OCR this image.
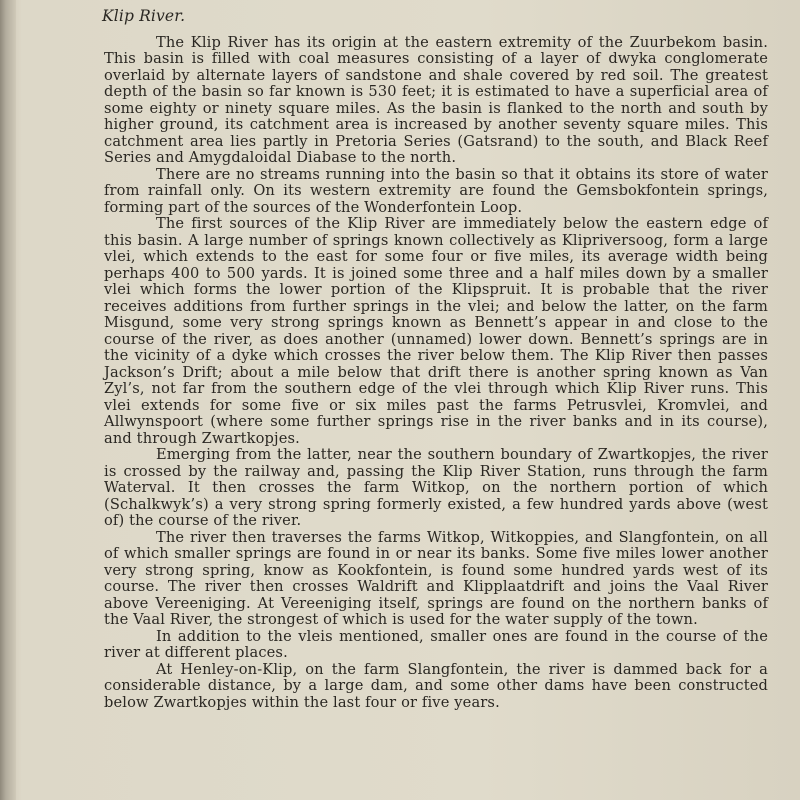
Klip River.

The Klip River has its origin at the eastern extremity of the Zuurbekom basin. This basin is filled with coal measures consisting of a layer of dwyka conglomerate overlaid by alternate layers of sandstone and shale covered by red soil. The greatest depth of the basin so far known is 530 feet; it is estimated to have a superficial area of some eighty or ninety square miles. As the basin is flanked to the north and south by higher ground, its catchment area is increased by another seventy square miles. This catchment area lies partly in Pretoria Series (Gatsrand) to the south, and Black Reef Series and Amygdaloidal Diabase to the north.

There are no streams running into the basin so that it obtains its store of water from rainfall only. On its western extremity are found the Gemsbokfontein springs, forming part of the sources of the Wonderfontein Loop.

The first sources of the Klip River are immediately below the eastern edge of this basin. A large number of springs known collectively as Klipriversoog, form a large vlei, which extends to the east for some four or five miles, its average width being perhaps 400 to 500 yards. It is joined some three and a half miles down by a smaller vlei which forms the lower portion of the Klipspruit. It is probable that the river receives additions from further springs in the vlei; and below the latter, on the farm Misgund, some very strong springs known as Bennett’s appear in and close to the course of the river, as does another (unnamed) lower down. Bennett’s springs are in the vicinity of a dyke which crosses the river below them. The Klip River then passes Jackson’s Drift; about a mile below that drift there is another spring known as Van Zyl’s, not far from the southern edge of the vlei through which Klip River runs. This vlei extends for some five or six miles past the farms Petrusvlei, Kromvlei, and Allwynspoort (where some further springs rise in the river banks and in its course), and through Zwartkopjes.

Emerging from the latter, near the southern boundary of Zwartkopjes, the river is crossed by the railway and, passing the Klip River Station, runs through the farm Waterval. It then crosses the farm Witkop, on the northern portion of which (Schalkwyk’s) a very strong spring formerly existed, a few hundred yards above (west of) the course of the river.

The river then traverses the farms Witkop, Witkoppies, and Slangfontein, on all of which smaller springs are found in or near its banks. Some five miles lower another very strong spring, know as Kookfontein, is found some hundred yards west of its course. The river then crosses Waldrift and Klipplaatdrift and joins the Vaal River above Vereeniging. At Vereeniging itself, springs are found on the northern banks of the Vaal River, the strongest of which is used for the water supply of the town.

In addition to the vleis mentioned, smaller ones are found in the course of the river at different places.

At Henley-on-Klip, on the farm Slangfontein, the river is dammed back for a considerable distance, by a large dam, and some other dams have been constructed below Zwartkopjes within the last four or five years.
